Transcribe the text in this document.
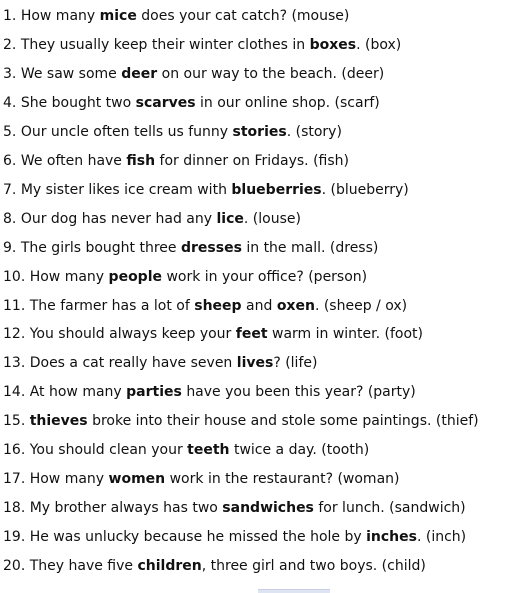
1. How many mice does your cat catch? (mouse)
2. They usually keep their winter clothes in boxes. (box)
3. We saw some deer on our way to the beach. (deer)
4. She bought two scarves in our online shop. (scarf)
5. Our uncle often tells us funny stories. (story)
6. We often have fish for dinner on Fridays. (fish)
7. My sister likes ice cream with blueberries. (blueberry)
8. Our dog has never had any lice. (louse)
9. The girls bought three dresses in the mall. (dress)
10. How many people work in your office? (person)
11. The farmer has a lot of sheep and oxen. (sheep / ox)
12. You should always keep your feet warm in winter. (foot)
13. Does a cat really have seven lives? (life)
14. At how many parties have you been this year? (party)
15. thieves broke into their house and stole some paintings. (thief)
16. You should clean your teeth twice a day. (tooth)
17. How many women work in the restaurant? (woman)
18. My brother always has two sandwiches for lunch. (sandwich)
19. He was unlucky because he missed the hole by inches. (inch)
20. They have five children, three girl and two boys. (child)
